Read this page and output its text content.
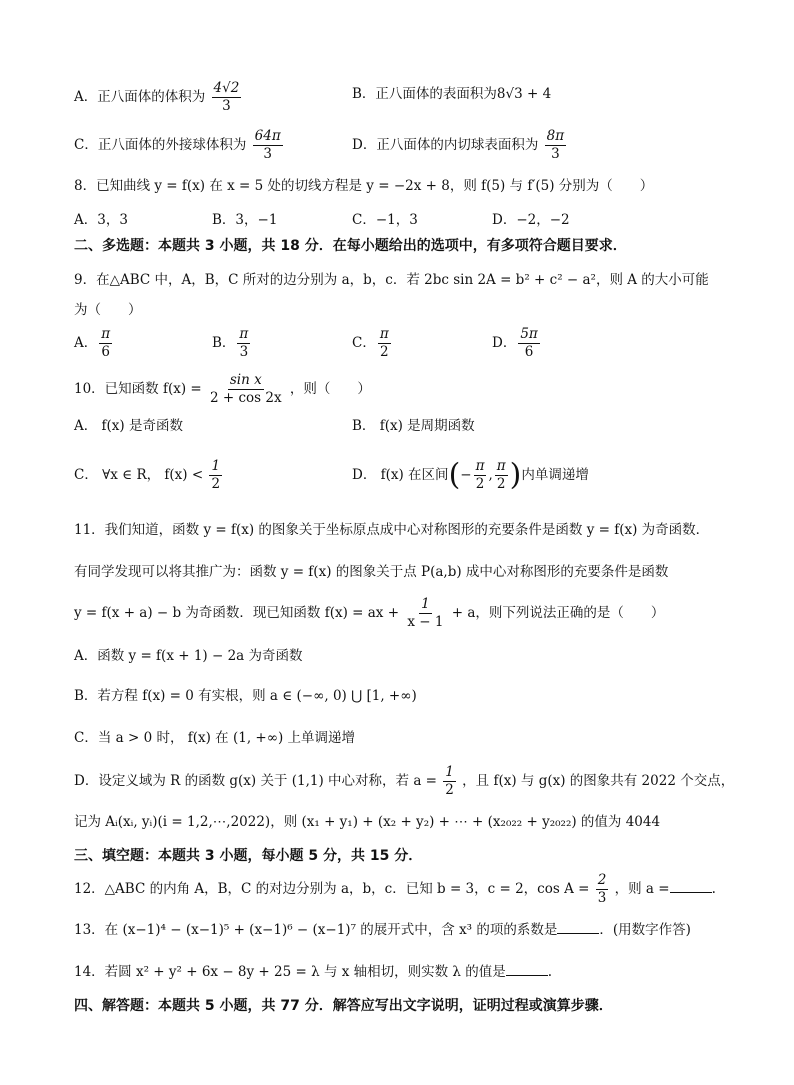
A．正八面体的体积为 $\frac{4√2}{3}$	B．正八面体的表面积为8√3 + 4
C．正八面体的外接球体积为 $\frac{64\pi}{3}$	D．正八面体的内切球表面积为 $\frac{8\pi}{3}$
8．已知曲线 y = f(x) 在 x = 5 处的切线方程是 y = −2x + 8，则 f(5) 与 f′(5) 分别为（　　）
A．3，3	B．3，−1	C．−1，3	D．−2，−2
二、多选题：本题共 3 小题，共 18 分．在每小题给出的选项中，有多项符合题目要求．
9．在△ABC 中，A，B，C 所对的边分别为 a，b，c．若 2bc sin 2A = b² + c² − a²，则 A 的大小可能
为（　　）
A． $\frac{\pi}{6}$	B． $\frac{\pi}{3}$	C． $\frac{\pi}{2}$	D． $\frac{5\pi}{6}$
10．已知函数 $f(x) = \frac{\text{sin x}}{2 + \cos 2x}$ ，则（　　）
A． f(x) 是奇函数	B． f(x) 是周期函数
C． ∀x ∈ R， $f(x) < \frac{1}{2}$	D． f(x) 在区间(− $\frac{\pi}{2}$ , $\frac{\pi}{2}$ )内单调递增
11．我们知道，函数 y = f(x) 的图象关于坐标原点成中心对称图形的充要条件是函数 y = f(x) 为奇函数．
有同学发现可以将其推广为：函数 y = f(x) 的图象关于点 P(a,b) 成中心对称图形的充要条件是函数
y = f(x + a) − b 为奇函数．现已知函数 f(x) = ax + $\frac{1}{x - 1} + a$，则下列说法正确的是（　　）
A．函数 y = f(x + 1) − 2a 为奇函数
B．若方程 f(x) = 0 有实根，则 a ∈ (−∞, 0) ⋃ [1, +∞)
C．当 a > 0 时， f(x) 在 (1, +∞) 上单调递增
D．设定义域为 R 的函数 g(x) 关于 (1,1) 中心对称，若 $a = \frac{1}{2}$ ，且 f(x) 与 g(x) 的图象共有 2022 个交点，
记为 Aᵢ(xᵢ, yᵢ)(i = 1,2,⋯,2022)，则 (x₁ + y₁) + (x₂ + y₂) + ⋯ + (x₂₀₂₂ + y₂₀₂₂) 的值为 4044
三、填空题：本题共 3 小题，每小题 5 分，共 15 分．
12．△ABC 的内角 A，B，C 的对边分别为 a，b，c．已知 b = 3，c = 2，$\cos A = \frac{2}{3}$ ，则 a =	.
13．在 (x−1)⁴ − (x−1)⁵ + (x−1)⁶ − (x−1)⁷ 的展开式中，含 x³ 的项的系数是	．(用数字作答)
14．若圆 x² + y² + 6x − 8y + 25 = λ 与 x 轴相切，则实数 λ 的值是	.
四、解答题：本题共 5 小题，共 77 分．解答应写出文字说明，证明过程或演算步骤．
